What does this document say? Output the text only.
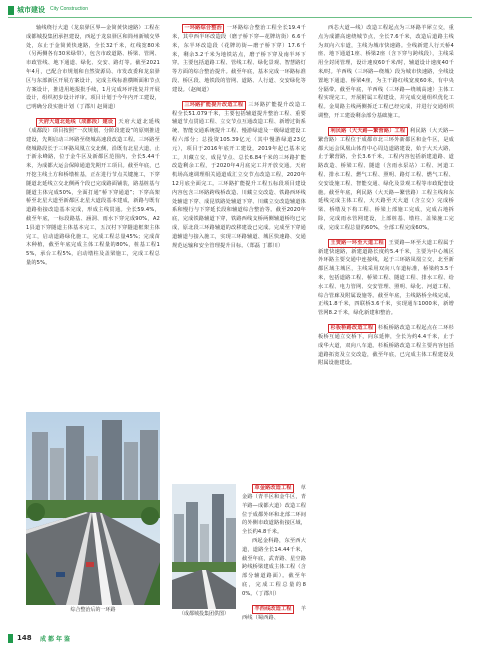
城市建设 City Construction

轴线绕行大道（龙泉驿区界—金简黄快速路）工程在成都城投集团承担建设，西起于龙泉驿区和简州新城交界处，东止于金简黄快速路，全长32千米，红线宽80米（另两侧各有30米绿带），包含市政道路、桥梁、管网、市政管线、地下通道、绿化、交安、路灯等。截至2021年4月，已配合市规划和自然资源局、市发改委和龙泉驿区与东部新区开展方案设计，完成主线标准横断面和节点方案设计，推进用地报批手续，1月完成环评批复并开展设计，组织初步设计评审。项目计划于今年内开工建设，已明确分段实施计划（丁郡川 赵岡道）

天府大道北延线（成都段）建设 天府大道北延线（成都段）项目按照“一次规划、分阶段建设”的原则推进建设，先期启动三环路至绕城高速段改造工程。三环路至绕城路段长于三环路凤凰立交北侧，沿既有北星大道，止于新永峰路，位于金牛区及新都区范围内，全长5.44千米，为成都大运会保障通道先期开工项目。截至年底，已开挖主线土方和桥墩桩基，正在进行节点关键施工，下穿隧道北延线立交北侧两个段已完成路面铺装，路基桩基与隧道主体完成50%，全面打通“桥下穿通道”；下穿高架桥至北星大道至新都区北星大道段基本建成，新路与既有道路衔接改造基本完成，形成主线贯通。全长59.4%，截至年底，一标段路基、涵洞、雨水下穿完成90%，A21县道下穿隧道主体基本完工，五汉村下穿隧道框架主体完工，启动道路绿化施工，完成工程总量45%；完成苗木种植，截至年底完成主体工程量的80%，桩基工程15%，承台工程5%，启动墩柱及盖梁施工，完成工程总量的5%。

一环路综合整治 一环路综合整治工程全长19.4千米，其中西半环改造段（磨子桥下穿—花牌坊街）6.6千米，东半环改造段（花牌坊街—磨子桥下穿）17.6千米，剩余3.2千米为地铁站点，磨子桥下穿及南半环下穿。主要包括道路工程、管线工程、绿化景观、智慧路灯等方面的综合整治提升。截至年底，基本完成一环路标准段、桥区段、地铁段的管网、道路、人行道、交安绿化等建设。（赵闽道）

三环路扩能提升改造工程 三环路扩能提升改造工程全长51.079千米，主要包括辅道提升整治工程、重要辅道节点贯通工程、立交节点互通改造工程、新增过街系统、智能交通系统提升工程、慢游绿道及一级绿道建设工程六部分；总投资105.39亿元（其中慢游绿道23亿元），项目于2016年底开工建设，2019年起已基本完工。川藏立交、成昆节点、总长6.84千米的三环路扩能改造剩余工程，于2020年4月底完工并开放交通。天府机场高速调理相关通道成汇立交节点改造工程，2020年12月底全面完工。三环路扩能提升工程五标段项目建设内容包含三环路跨线桥改造、川藏立交改造、铁路西环线处辅道下穿、成昆铁路处辅道下穿、川藏立交改造辅道体系和慢行与下穿延长段和辅道综合整治等。截至2020年底，完成铁路辅道下穿，铁路西线支桥两侧辅道桥均已完成，原北段三环路辅道的改移建设已完成。完成至下穿通道辅道与接入施工，实现三环路辅道、城区快速路、交通规范运输和安全管理提升目标。（郑磊 丁郡川）

综合整治后的一环路
（成都城投集团供图）

草金路改造工程 草金路（青羊区和金牛区，青羊路—成都大道）改造工程位于成都外环和北部二环间的外侧市政道路衔接区域，全长约4.8千米。

西起金科路，东至西大道，道路全长14.44千米，截至年底，武青路、星空路跨线桥梁建成主体工程（含部分辅道路面）。截至年底，完成工程总量的80%。（丁郡川）

羊西线改造工程 羊西线（蜀西路、

西芯大道—线）改造工程起点为三环路羊犀立交，重点为成灌高速绕城节点，全长7.6千米，改造后道路主线为双向六车道，主线为城市快速路。全线新建人行天桥4座、地下通道1座、桥梁2座（含下穿与跨线段），主线采用全封闭管理，设计速度60千米/时，辅道设计速度40千米/时。羊西线（三环路—绕城）段为城市快速路，全线设置地下通道、桥梁4座，为主干路红线宽度60米，有中央分隔带。截至年底，羊西线（三环路—绕城高速）主体工程实现完工，开展附属工程建设，并完成交通组织优化工程。金周路主线两侧拆迁工程已经完成，并进行交通组织调整，开工建设剩余部分基础施工。

利民路（大天路—繁营路）工程 利民路（大天路—繁营路）工程位于成都市北三环外新都区和金牛区，是成都大运会凤凰山体育中心周边道路建设，始于大天大路，止于繁营路，全长3.6千米，工程内容包括新建道路、道路改造、桥梁工程、隧道（含雨水泵站）工程、河道工程、排水工程、燃气工程、照明、路灯工程、燃气工程、交安设施工程、智能交通、绿化及景观工程等市政配套设施。截至年底，利民路（大天路—繁营路）工程主线和东延线完成主体工程，大天路至天大道（含立交）完成桥梁、桥墩及下构工程、桥梁上部施工完成，完成占地拆除，完成雨水管网建设，上部桩基、墩柱、盖梁施工完成，完成工程总量的60%，全部工程完成60%。

王贾路一环至大道工程 王贾路—环至大道工程属于新建快速路，新建道路长度约5.4千米，主要为中心城区外环路主要交通中连接线，起于三环路凤凰立交，北至新都区域主城区，主线采用双向八车道标准，桥梁约3.5千米，包括道路工程、桥梁工程、隧道工程、排水工程、给水工程、电力管网、交安管理、照明、绿化、河道工程、综合管廊及附属设施等。截至年底，主线路桥全线完成，正线1.8千米，四联桥3.6千米，实现通车1000米，新增管网8.2千米，绿化新建和整治。

杉板桥路改造工程 杉板桥路改造工程起点在二环杉板桥互通立交桥下，向东延伸，全长为约4.4千米，止于成华大道，双向八车道。杉板桥路改造工程主要内容包括道路拓宽及立交改造，截至年底，已完成主体工程建设及附属设施建设。

148 成都年鉴
